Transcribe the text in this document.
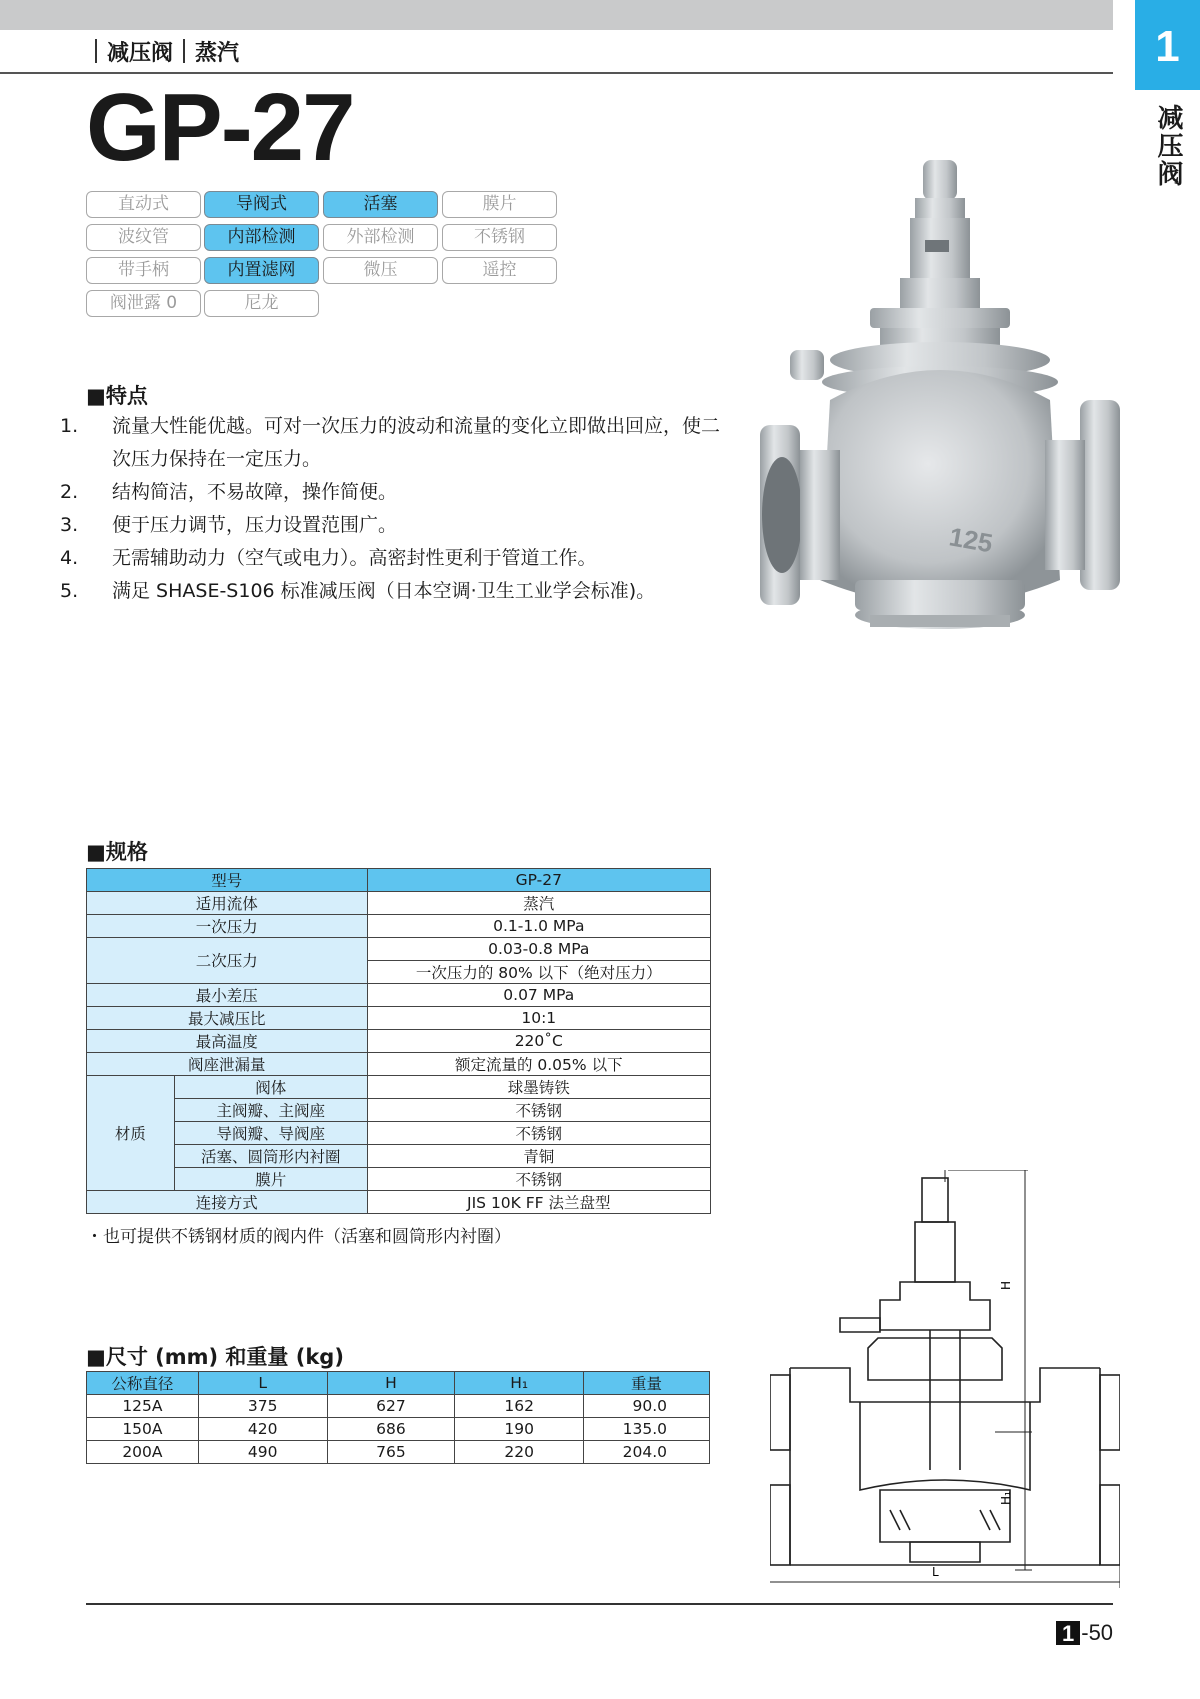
1
减压阀
减压阀 蒸汽
GP-27
直动式	导阀式	活塞	膜片
波纹管	内部检测	外部检测	不锈钢
带手柄	内置滤网	微压	遥控
阀泄露 0	尼龙
■特点
1. 流量大性能优越。可对一次压力的波动和流量的变化立即做出回应，使二次压力保持在一定压力。
2. 结构简洁，不易故障，操作简便。
3. 便于压力调节，压力设置范围广。
4. 无需辅助动力（空气或电力）。高密封性更利于管道工作。
5. 满足 SHASE-S106 标准减压阀（日本空调·卫生工业学会标准)。
125
■规格
型号		GP-27
适用流体		蒸汽
一次压力		0.1-1.0 MPa
二次压力		0.03-0.8 MPa
		一次压力的 80% 以下（绝对压力）
最小差压		0.07 MPa
最大减压比		10:1
最高温度		220˚C
阀座泄漏量		额定流量的 0.05% 以下
材质	阀体	球墨铸铁
	主阀瓣、主阀座	不锈钢
	导阀瓣、导阀座	不锈钢
	活塞、圆筒形内衬圈	青铜
	膜片	不锈钢
连接方式		JIS 10K FF 法兰盘型
・也可提供不锈钢材质的阀内件（活塞和圆筒形内衬圈）
■尺寸 (mm) 和重量 (kg)
公称直径	L	H	H₁	重量
125A	375	627	162	90.0
150A	420	686	190	135.0
200A	490	765	220	204.0
H
H₁
L
1 -50
